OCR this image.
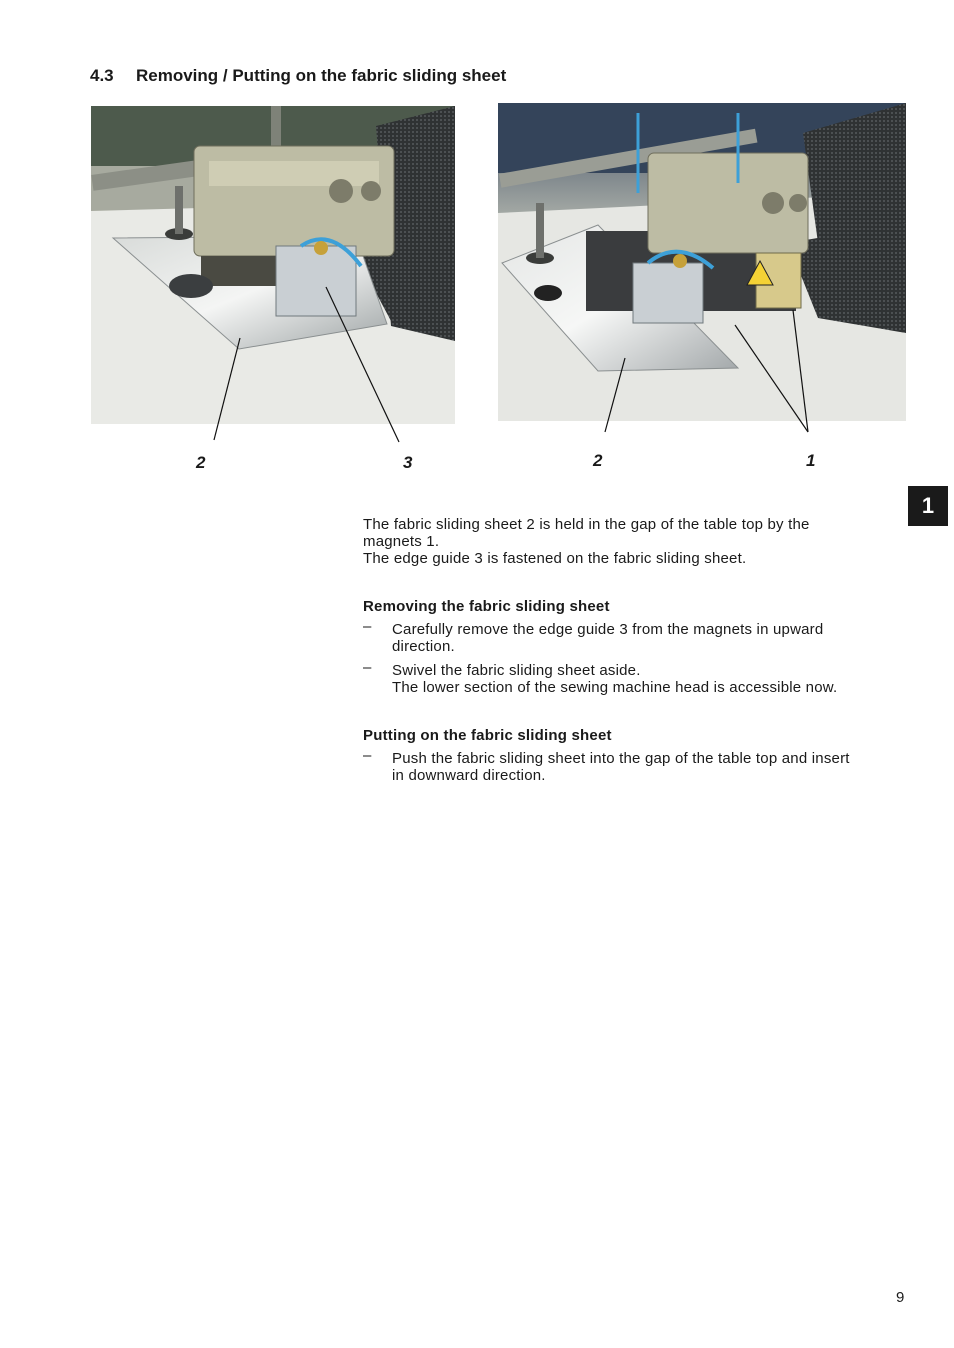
4.3 Removing / Putting on the fabric sliding sheet
2	3	2	1
1
The fabric sliding sheet 2 is held in the gap of the table top by the
magnets 1.
The edge guide 3 is fastened on the fabric sliding sheet.
Removing the fabric sliding sheet
– Carefully remove the edge guide 3 from the magnets in upward
direction.
– Swivel the fabric sliding sheet aside.
The lower section of the sewing machine head is accessible now.
Putting on the fabric sliding sheet
– Push the fabric sliding sheet into the gap of the table top and insert
in downward direction.
9
